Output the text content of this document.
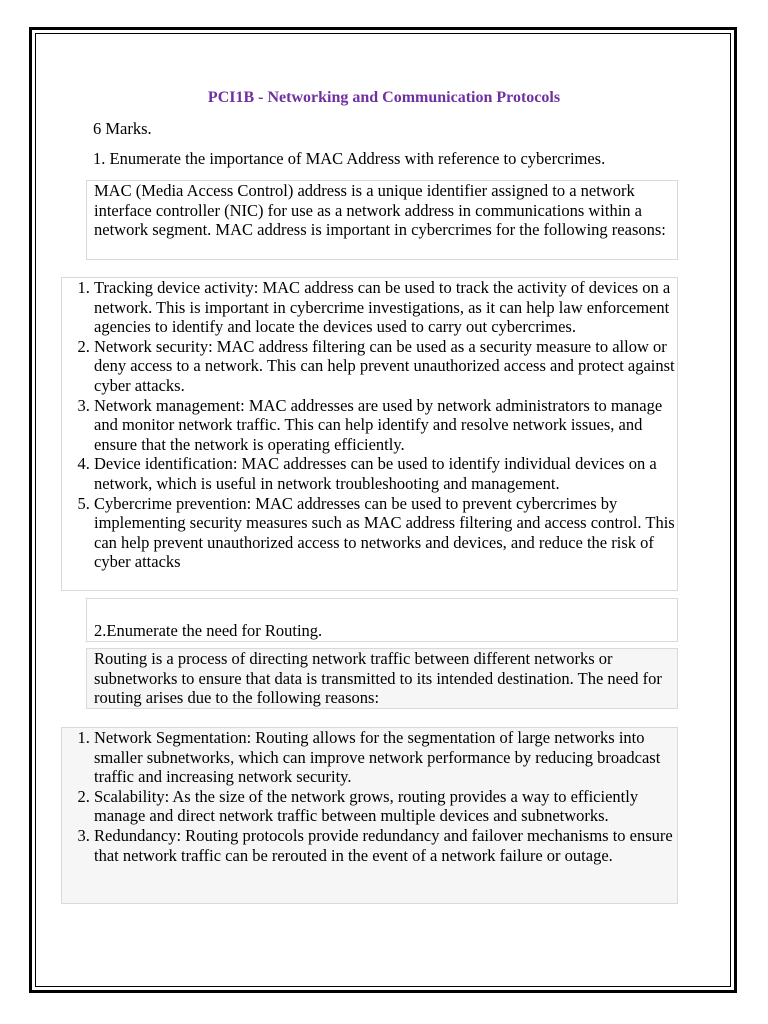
PCI1B - Networking and Communication Protocols
6 Marks.
1. Enumerate the importance of MAC Address with reference to cybercrimes.
MAC (Media Access Control) address is a unique identifier assigned to a network interface controller (NIC) for use as a network address in communications within a network segment. MAC address is important in cybercrimes for the following reasons:
1. Tracking device activity: MAC address can be used to track the activity of devices on a network. This is important in cybercrime investigations, as it can help law enforcement agencies to identify and locate the devices used to carry out cybercrimes.
2. Network security: MAC address filtering can be used as a security measure to allow or deny access to a network. This can help prevent unauthorized access and protect against cyber attacks.
3. Network management: MAC addresses are used by network administrators to manage and monitor network traffic. This can help identify and resolve network issues, and ensure that the network is operating efficiently.
4. Device identification: MAC addresses can be used to identify individual devices on a network, which is useful in network troubleshooting and management.
5. Cybercrime prevention: MAC addresses can be used to prevent cybercrimes by implementing security measures such as MAC address filtering and access control. This can help prevent unauthorized access to networks and devices, and reduce the risk of cyber attacks
2.Enumerate the need for Routing.
Routing is a process of directing network traffic between different networks or subnetworks to ensure that data is transmitted to its intended destination. The need for routing arises due to the following reasons:
1. Network Segmentation: Routing allows for the segmentation of large networks into smaller subnetworks, which can improve network performance by reducing broadcast traffic and increasing network security.
2. Scalability: As the size of the network grows, routing provides a way to efficiently manage and direct network traffic between multiple devices and subnetworks.
3. Redundancy: Routing protocols provide redundancy and failover mechanisms to ensure that network traffic can be rerouted in the event of a network failure or outage.
